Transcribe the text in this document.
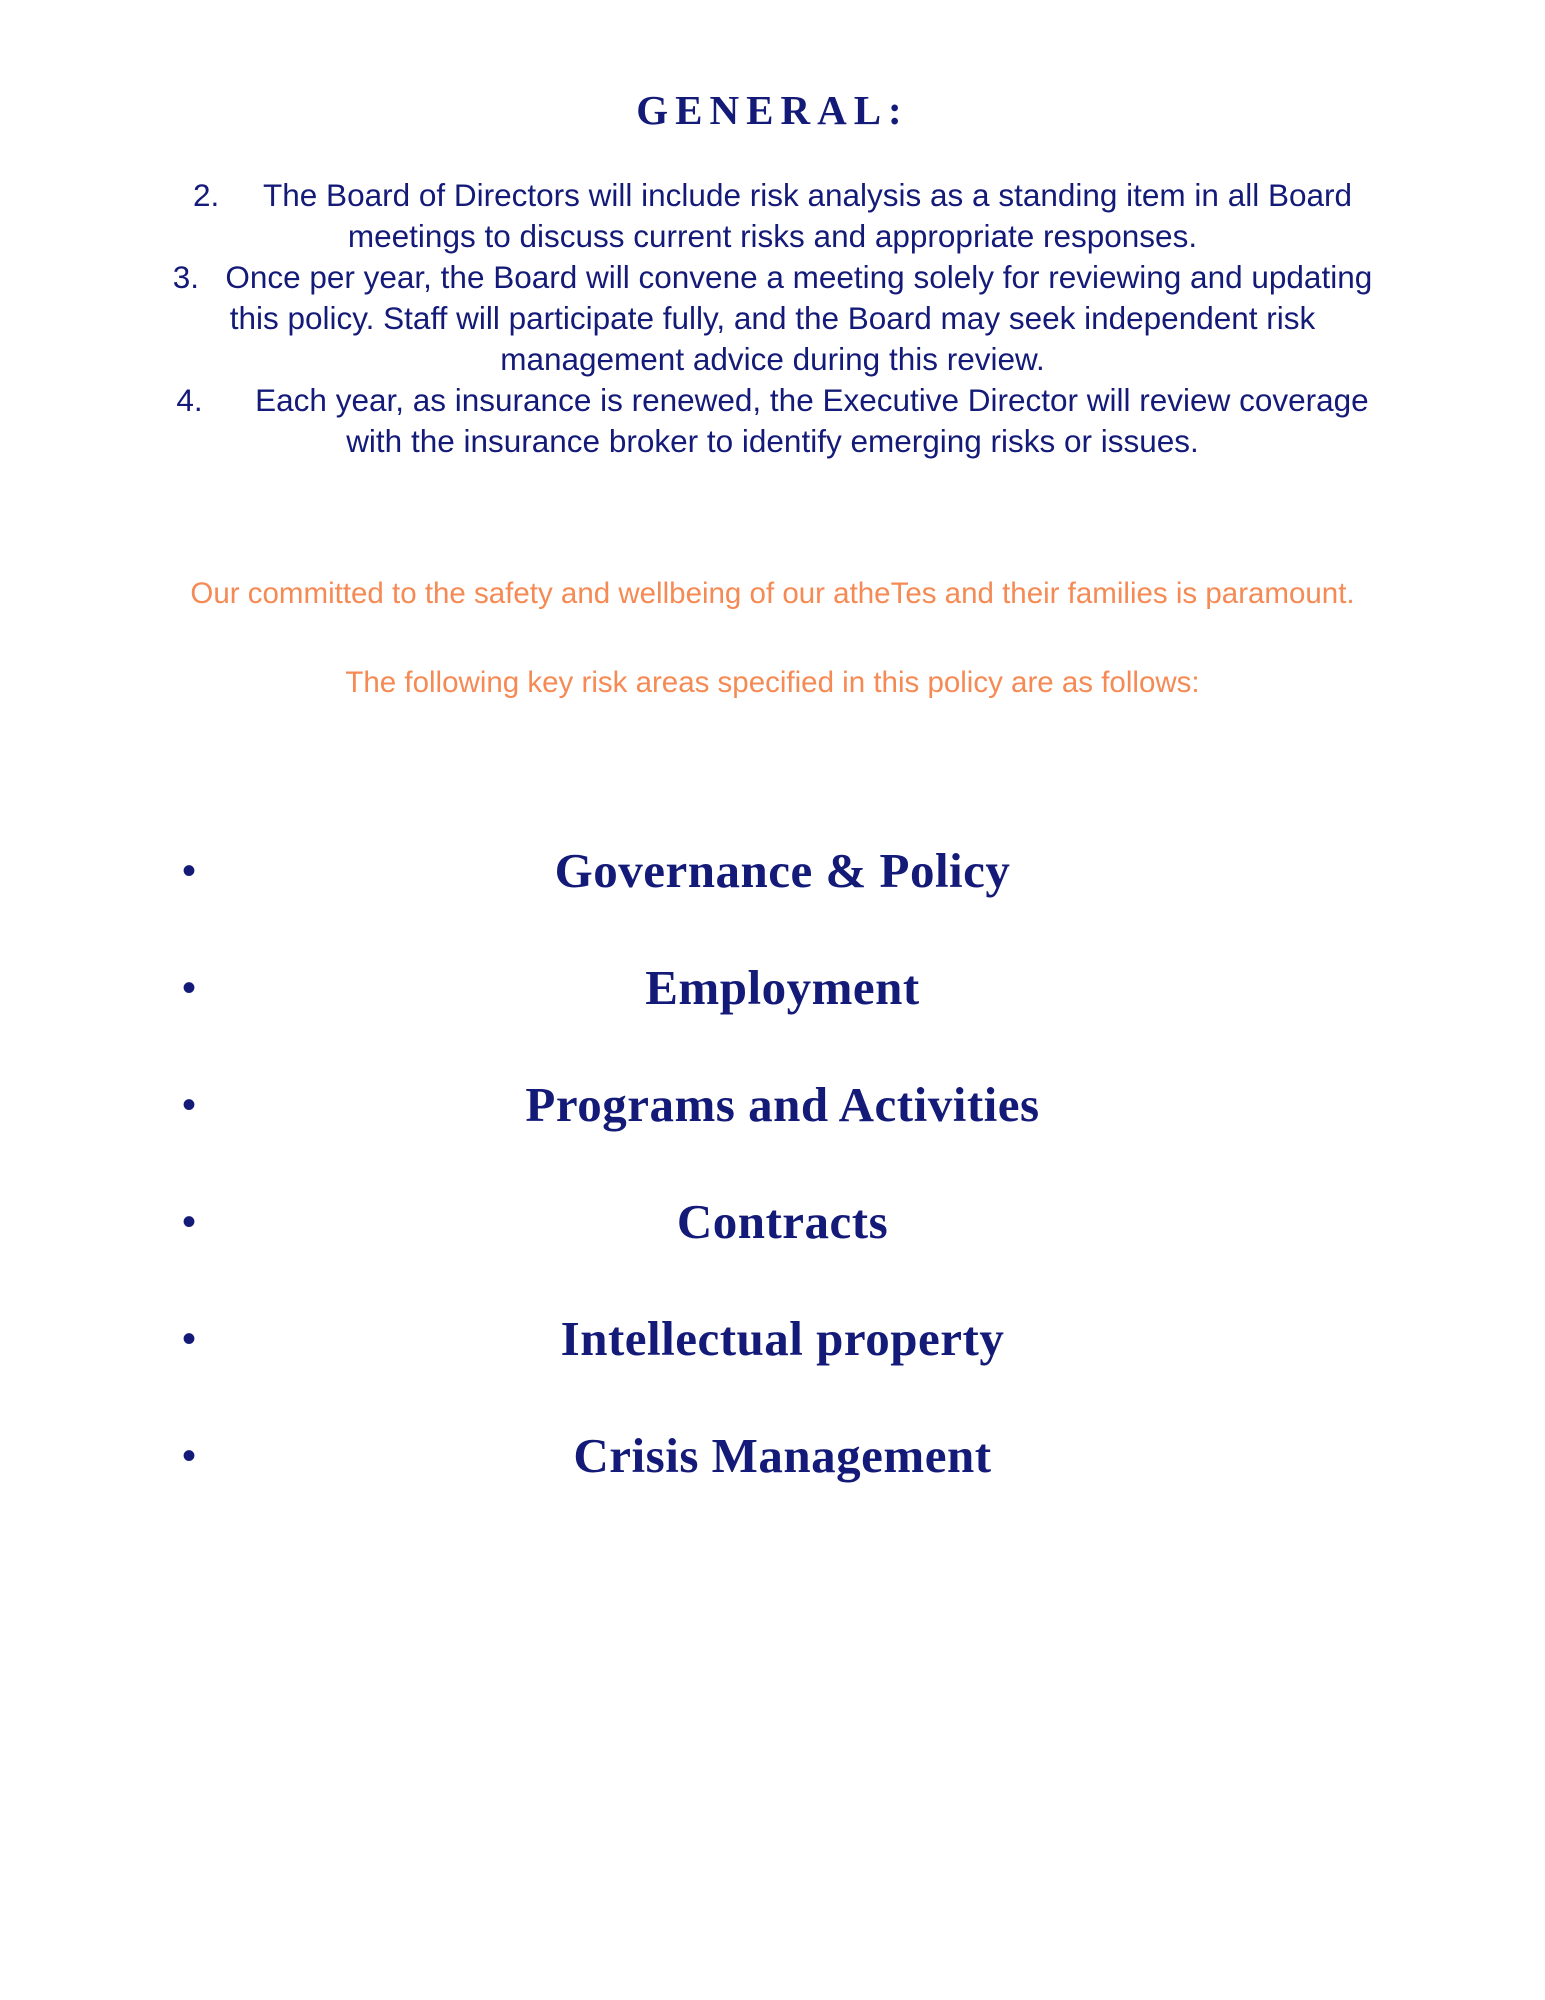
GENERAL:

2. The Board of Directors will include risk analysis as a standing item in all Board meetings to discuss current risks and appropriate responses.

3. Once per year, the Board will convene a meeting solely for reviewing and updating this policy. Staff will participate fully, and the Board may seek independent risk management advice during this review.

4. Each year, as insurance is renewed, the Executive Director will review coverage with the insurance broker to identify emerging risks or issues.

Our committed to the safety and wellbeing of our atheTes and their families is paramount.

The following key risk areas specified in this policy are as follows:

•	Governance & Policy
•	Employment
•	Programs and Activities
•	Contracts
•	Intellectual property
•	Crisis Management
